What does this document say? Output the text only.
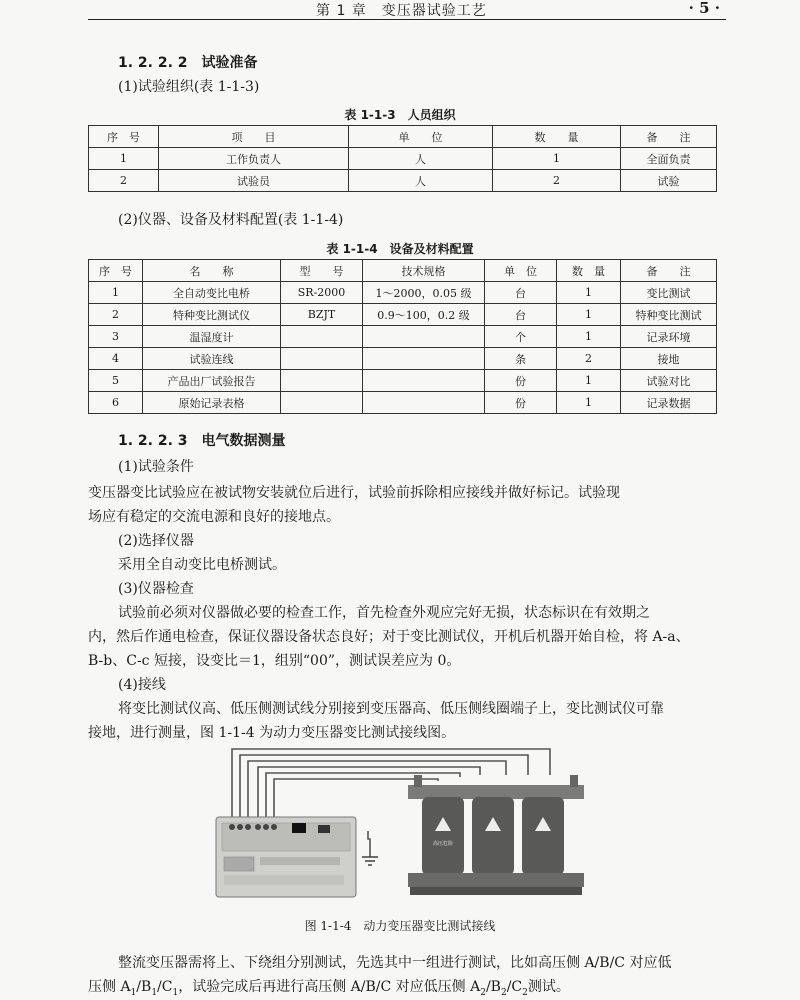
第 1 章　变压器试验工艺	· 5 ·
1. 2. 2. 2　试验准备
(1)试验组织(表 1-1-3)
表 1-1-3　人员组织
序　号	项　　目	单　　位	数　　量	备　　注
1	工作负责人	人	1	全面负责
2	试验员	人	2	试验
(2)仪器、设备及材料配置(表 1-1-4)
表 1-1-4　设备及材料配置
序　号	名　　称	型　　号	技术规格	单　位	数　量	备　　注
1	全自动变比电桥	SR-2000	1～2000，0.05 级	台	1	变比测试
2	特种变比测试仪	BZJT	0.9～100，0.2 级	台	1	特种变比测试
3	温湿度计			个	1	记录环境
4	试验连线			条	2	接地
5	产品出厂试验报告			份	1	试验对比
6	原始记录表格			份	1	记录数据
1. 2. 2. 3　电气数据测量
(1)试验条件
变压器变比试验应在被试物安装就位后进行，试验前拆除相应接线并做好标记。试验现
场应有稳定的交流电源和良好的接地点。
(2)选择仪器
采用全自动变比电桥测试。
(3)仪器检查
试验前必须对仪器做必要的检查工作，首先检查外观应完好无损，状态标识在有效期之
内，然后作通电检查，保证仪器设备状态良好；对于变比测试仪，开机后机器开始自检，将 A-a、
B-b、C-c 短接，设变比＝1，组别“00”，测试误差应为 0。
(4)接线
将变比测试仪高、低压侧测试线分别接到变压器高、低压侧线圈端子上，变比测试仪可靠
接地，进行测量，图 1-1-4 为动力变压器变比测试接线图。
高压危险
图 1-1-4　动力变压器变比测试接线
整流变压器需将上、下绕组分别测试，先选其中一组进行测试，比如高压侧 A/B/C 对应低
压侧 $A_1/B_1/C_1$，试验完成后再进行高压侧 A/B/C 对应低压侧 $A_2/B_2/C_2$测试。
